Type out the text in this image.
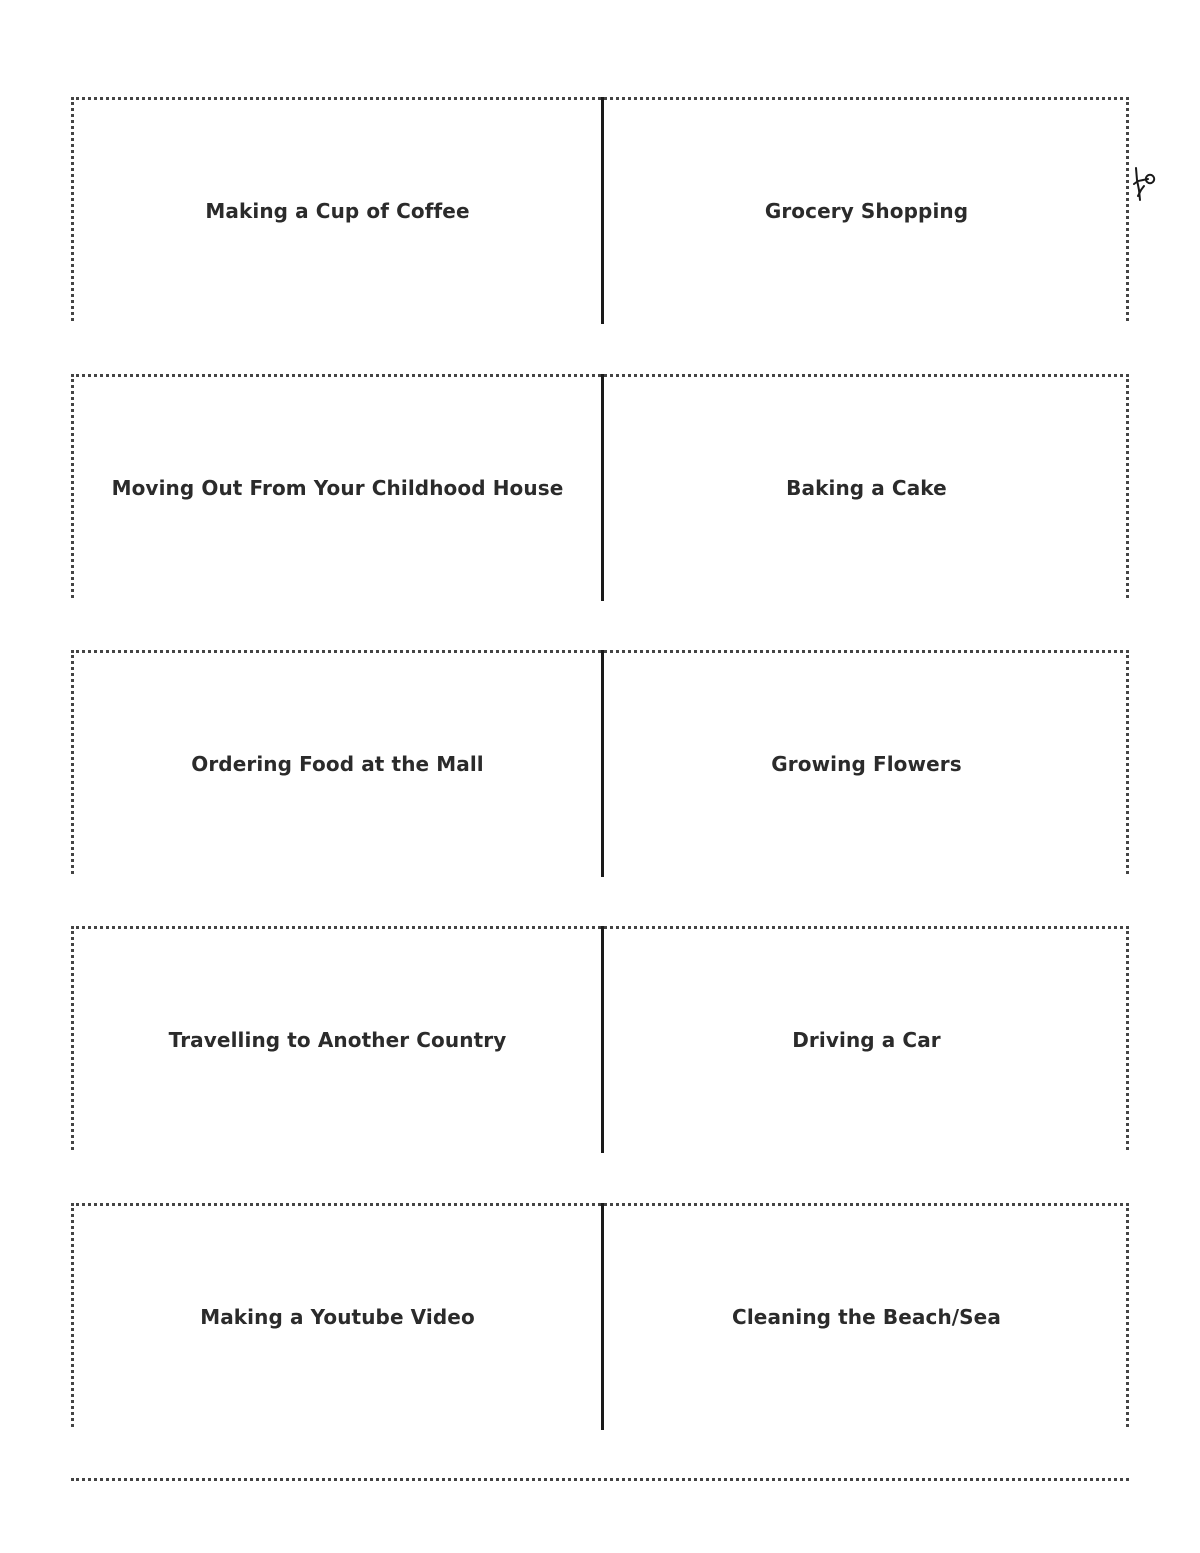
Making a Cup of Coffee	Grocery Shopping
Moving Out From Your Childhood House	Baking a Cake
Ordering Food at the Mall	Growing Flowers
Travelling to Another Country	Driving a Car
Making a Youtube Video	Cleaning the Beach/Sea
